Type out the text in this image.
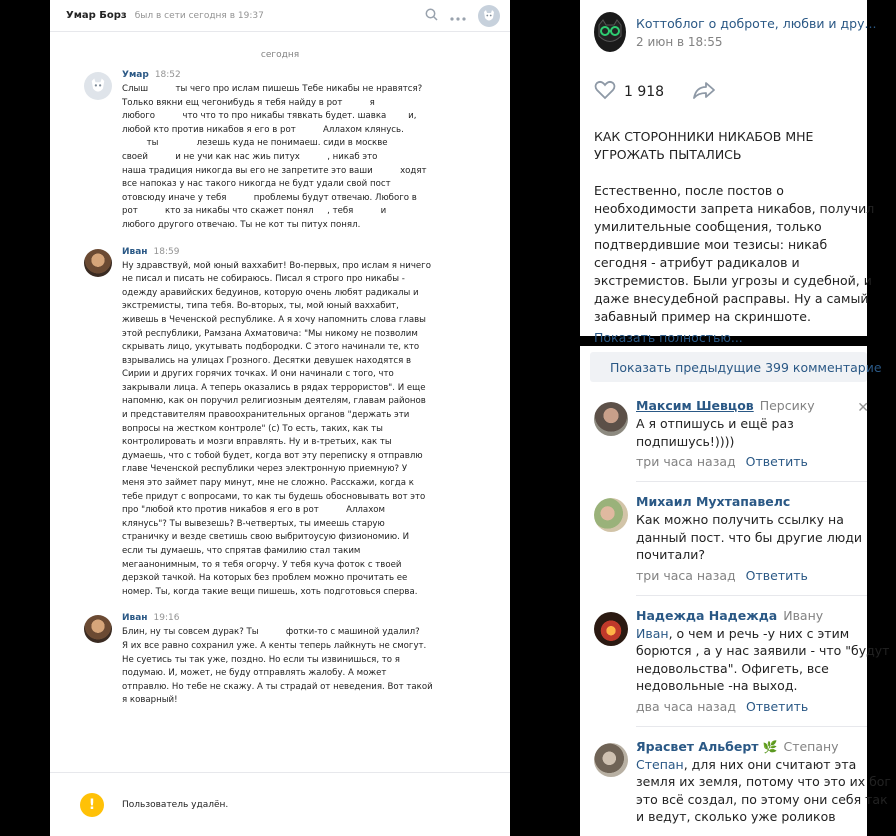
Умар Борз был в сети сегодня в 19:37
сегодня
Умар 18:52
Слыш          ты чего про ислам пишешь Тебе никабы не нравятся?
Только вякни ещ чегонибудь я тебя найду в рот          я
любого          что что то про никабы тявкать будет. шавка        и,
любой кто против никабов я его в рот          Аллахом клянусь.
ты              лезешь куда не понимаеш. сиди в москве
своей          и не учи как нас жиь питух          , никаб это
наша традиция никогда вы его не запретите это ваши          ходят
все напоказ у нас такого никогда не будт удали свой пост
отовсюду иначе у тебя          проблемы будут отвечаю. Любого в
рот          кто за никабы что скажет понял     , тебя          и
любого другого отвечаю. Ты не кот ты питух понял.
Иван 18:59
Ну здравствуй, мой юный ваххабит! Во-первых, про ислам я ничего
не писал и писать не собираюсь. Писал я строго про никабы -
одежду аравийских бедуинов, которую очень любят радикалы и
экстремисты, типа тебя. Во-вторых, ты, мой юный ваххабит,
живешь в Чеченской республике. А я хочу напомнить слова главы
этой республики, Рамзана Ахматовича: "Мы никому не позволим
скрывать лицо, укутывать подбородки. С этого начинали те, кто
взрывались на улицах Грозного. Десятки девушек находятся в
Сирии и других горячих точках. И они начинали с того, что
закрывали лица. А теперь оказались в рядах террористов". И еще
напомню, как он поручил религиозным деятелям, главам районов
и представителям правоохранительных органов "держать эти
вопросы на жестком контроле" (с) То есть, таких, как ты
контролировать и мозги вправлять. Ну и в-третьих, как ты
думаешь, что с тобой будет, когда вот эту переписку я отправлю
главе Чеченской республики через электронную приемную? У
меня это займет пару минут, мне не сложно. Расскажи, когда к
тебе придут с вопросами, то как ты будешь обосновывать вот это
про "любой кто против никабов я его в рот          Аллахом
клянусь"? Ты вывезешь? В-четвертых, ты имеешь старую
страничку и везде светишь свою выбритоусую физиономию. И
если ты думаешь, что спрятав фамилию стал таким
мегаанонимным, то я тебя огорчу. У тебя куча фоток с твоей
дерзкой тачкой. На которых без проблем можно прочитать ее
номер. Ты, когда такие вещи пишешь, хоть подготовься сперва.
Иван 19:16
Блин, ну ты совсем дурак? Ты          фотки-то с машиной удалил?
Я их все равно сохранил уже. А кенты теперь лайкнуть не смогут.
Не суетись ты так уже, поздно. Но если ты извинишься, то я
подумаю. И, может, не буду отправлять жалобу. А может
отправлю. Но тебе не скажу. А ты страдай от неведения. Вот такой
я коварный!
!	Пользователь удалён.
Коттоблог о доброте, любви и дру...
2 июн в 18:55
1 918
КАК СТОРОННИКИ НИКАБОВ МНЕ УГРОЖАТЬ ПЫТАЛИСЬ
Естественно, после постов о необходимости запрета никабов, получил умилительные сообщения, только подтвердившие мои тезисы: никаб сегодня - атрибут радикалов и экстремистов. Были угрозы и судебной, и даже внесудебной расправы. Ну а самый забавный пример на скриншоте.
Показать полностью...
Показать предыдущие 399 комментарие
Максим Шевцов Персику
А я отпишусь и ещё раз подпишусь!))))
три часа назад Ответить
✕
Михаил Мухтапавелс
Как можно получить ссылку на данный пост. что бы другие люди почитали?
три часа назад Ответить
Надежда Надежда Ивану
Иван, о чем и речь -у них с этим борются , а у нас заявили - что "будут недовольства". Офигеть, все недовольные -на выход.
два часа назад Ответить
Ярасвет Альберт 🌿 Степану
Степан, для них они считают эта земля их земля, потому что это их бог это всё создал, по этому они себя так и ведут, сколько уже роликов
